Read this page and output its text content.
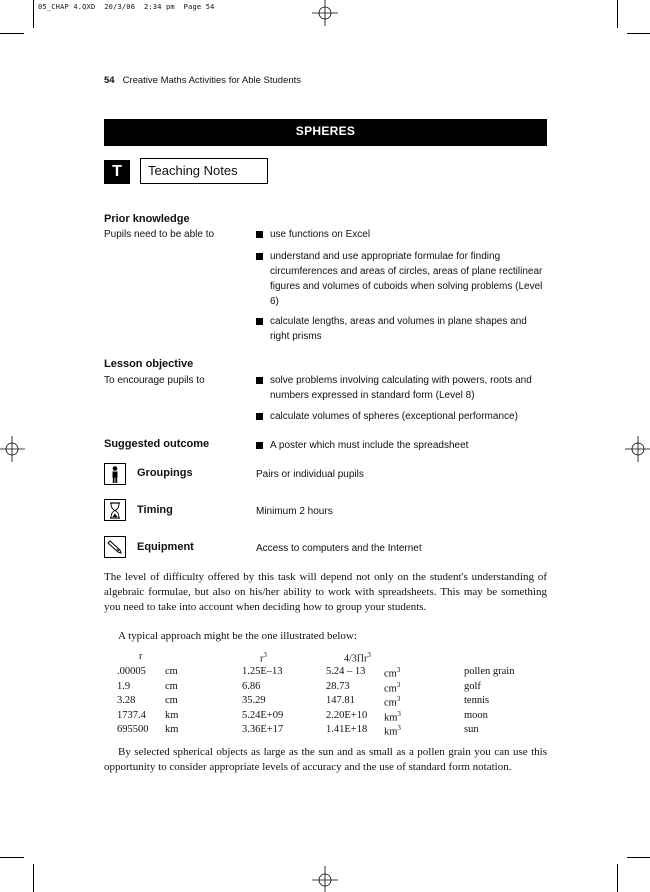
05_CHAP 4.QXD  20/3/06  2:34 pm  Page 54
54 Creative Maths Activities for Able Students
SPHERES
T	Teaching Notes
Prior knowledge
Pupils need to be able to	use functions on Excel
understand and use appropriate formulae for finding circumferences and areas of circles, areas of plane rectilinear figures and volumes of cuboids when solving problems (Level 6)
calculate lengths, areas and volumes in plane shapes and right prisms
Lesson objective
To encourage pupils to	solve problems involving calculating with powers, roots and numbers expressed in standard form (Level 8)
calculate volumes of spheres (exceptional performance)
Suggested outcome	A poster which must include the spreadsheet
Groupings	Pairs or individual pupils
Timing	Minimum 2 hours
Equipment	Access to computers and the Internet
The level of difficulty offered by this task will depend not only on the student's understanding of algebraic formulae, but also on his/her ability to work with spreadsheets. This may be something you need to take into account when deciding how to group your students.
A typical approach might be the one illustrated below:
r	$r^3$	$4/3\Pi r^3$
.00005 cm	1.25E–13	5.24 – 13 $cm^3$	pollen grain
1.9	cm	6.86	28.73	$cm^3$	golf
3.28	cm	35.29	147.81	$cm^3$	tennis
1737.4 km	5.24E+09	2.20E+10 $km^3$	moon
695500 km	3.36E+17	1.41E+18 $km^3$	sun
By selected spherical objects as large as the sun and as small as a pollen grain you can use this opportunity to consider appropriate levels of accuracy and the use of standard form notation.
